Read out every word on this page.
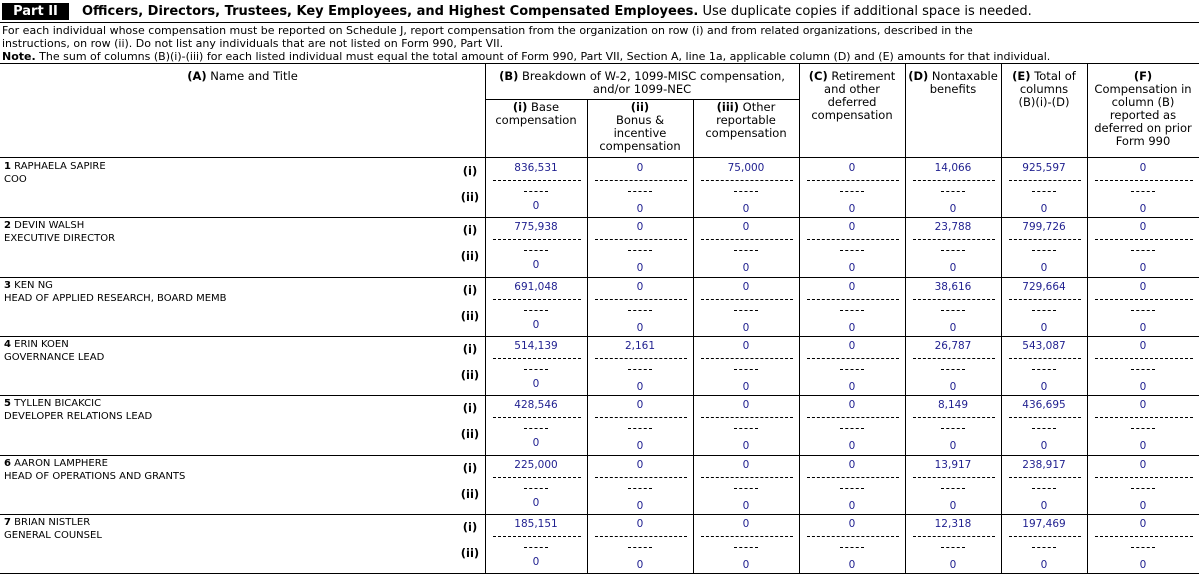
Part II	Officers, Directors, Trustees, Key Employees, and Highest Compensated Employees. Use duplicate copies if additional space is needed.
For each individual whose compensation must be reported on Schedule J, report compensation from the organization on row (i) and from related organizations, described in the
instructions, on row (ii). Do not list any individuals that are not listed on Form 990, Part VII.
Note. The sum of columns (B)(i)-(iii) for each listed individual must equal the total amount of Form 990, Part VII, Section A, line 1a, applicable column (D) and (E) amounts for that individual.
(A) Name and Title	(B) Breakdown of W-2, 1099-MISC compensation,
and/or 1099-NEC
(i) Base
compensation
(ii)
Bonus &
incentive
compensation
(iii) Other
reportable
compensation
(C) Retirement
and other
deferred
compensation
(D) Nontaxable
benefits
(E) Total of
columns
(B)(i)-(D)
(F)
Compensation in
column (B)
reported as
deferred on prior
Form 990
1 RAPHAELA SAPIRE
COO
(i)
(ii)
836,531
0
0
0
75,000
0
0
0
14,066
0
925,597
0
0
0
2 DEVIN WALSH
EXECUTIVE DIRECTOR
(i)
(ii)
775,938
0
0
0
0
0
0
0
23,788
0
799,726
0
0
0
3 KEN NG
HEAD OF APPLIED RESEARCH, BOARD MEMB
(i)
(ii)
691,048
0
0
0
0
0
0
0
38,616
0
729,664
0
0
0
4 ERIN KOEN
GOVERNANCE LEAD
(i)
(ii)
514,139
0
2,161
0
0
0
0
0
26,787
0
543,087
0
0
0
5 TYLLEN BICAKCIC
DEVELOPER RELATIONS LEAD
(i)
(ii)
428,546
0
0
0
0
0
0
0
8,149
0
436,695
0
0
0
6 AARON LAMPHERE
HEAD OF OPERATIONS AND GRANTS
(i)
(ii)
225,000
0
0
0
0
0
0
0
13,917
0
238,917
0
0
0
7 BRIAN NISTLER
GENERAL COUNSEL
(i)
(ii)
185,151
0
0
0
0
0
0
0
12,318
0
197,469
0
0
0
